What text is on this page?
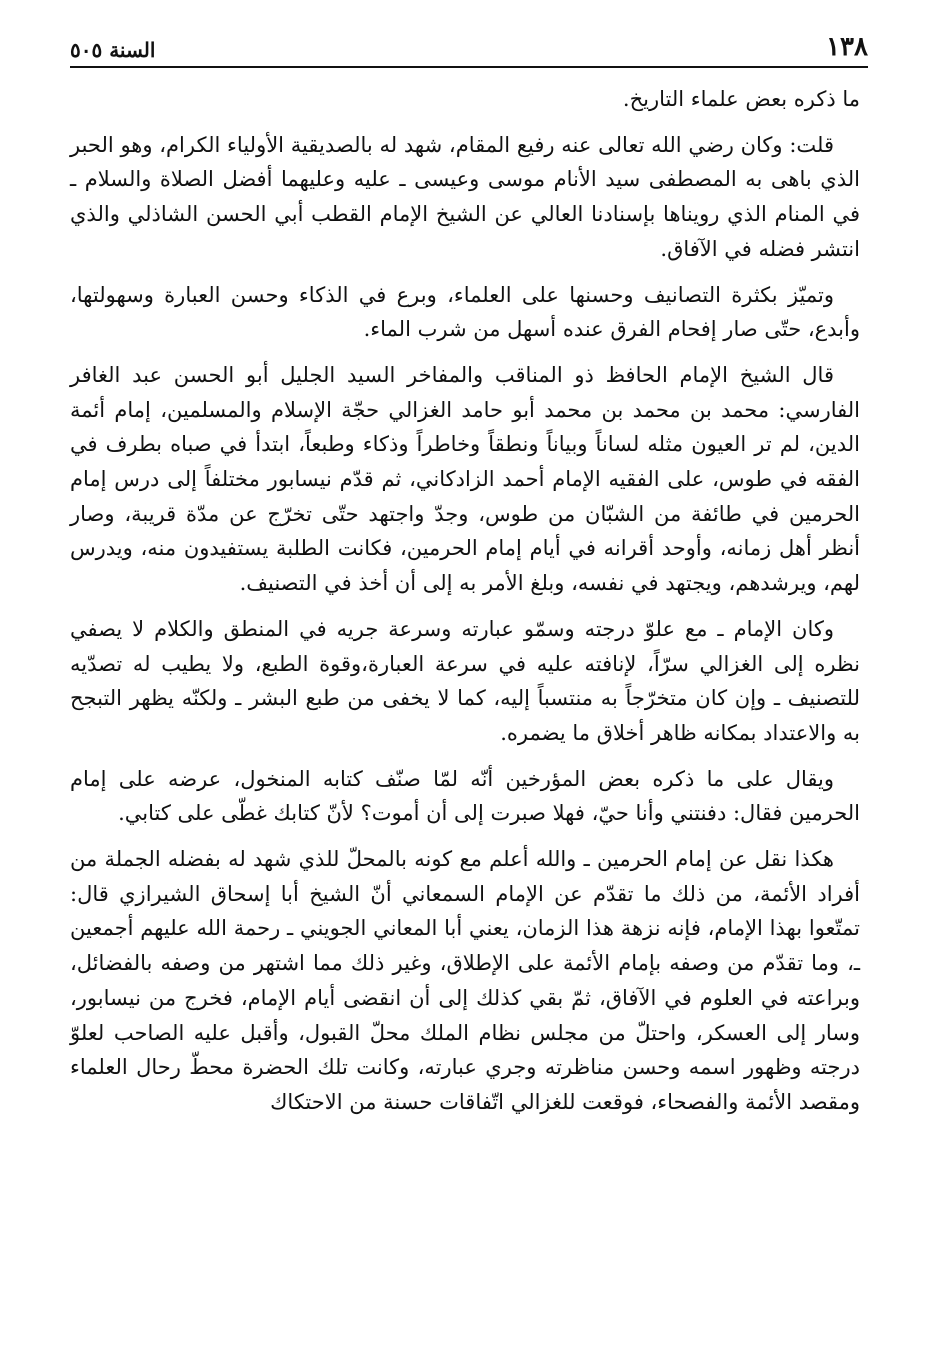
١٣٨
السنة ٥٠٥

ما ذكره بعض علماء التاريخ.

قلت: وكان رضي الله تعالى عنه رفيع المقام، شهد له بالصديقية الأولياء الكرام، وهو الحبر الذي باهى به المصطفى سيد الأنام موسى وعيسى ـ عليه وعليهما أفضل الصلاة والسلام ـ في المنام الذي رويناها بإسنادنا العالي عن الشيخ الإمام القطب أبي الحسن الشاذلي والذي انتشر فضله في الآفاق.

وتميّز بكثرة التصانيف وحسنها على العلماء، وبرع في الذكاء وحسن العبارة وسهولتها، وأبدع، حتّى صار إفحام الفرق عنده أسهل من شرب الماء.

قال الشيخ الإمام الحافظ ذو المناقب والمفاخر السيد الجليل أبو الحسن عبد الغافر الفارسي: محمد بن محمد بن محمد أبو حامد الغزالي حجّة الإسلام والمسلمين، إمام أئمة الدين، لم تر العيون مثله لساناً وبياناً ونطقاً وخاطراً وذكاء وطبعاً، ابتدأ في صباه بطرف في الفقه في طوس، على الفقيه الإمام أحمد الزادكاني، ثم قدّم نيسابور مختلفاً إلى درس إمام الحرمين في طائفة من الشبّان من طوس، وجدّ واجتهد حتّى تخرّج عن مدّة قريبة، وصار أنظر أهل زمانه، وأوحد أقرانه في أيام إمام الحرمين، فكانت الطلبة يستفيدون منه، ويدرس لهم، ويرشدهم، ويجتهد في نفسه، وبلغ الأمر به إلى أن أخذ في التصنيف.

وكان الإمام ـ مع علوّ درجته وسمّو عبارته وسرعة جريه في المنطق والكلام لا يصفي نظره إلى الغزالي سرّاً، لإنافته عليه في سرعة العبارة،وقوة الطبع، ولا يطيب له تصدّيه للتصنيف ـ وإن كان متخرّجاً به منتسباً إليه، كما لا يخفى من طبع البشر ـ ولكنّه يظهر التبجح به والاعتداد بمكانه ظاهر أخلاق ما يضمره.

ويقال على ما ذكره بعض المؤرخين أنّه لمّا صنّف كتابه المنخول، عرضه على إمام الحرمين فقال: دفنتني وأنا حيّ، فهلا صبرت إلى أن أموت؟ لأنّ كتابك غطّى على كتابي.

هكذا نقل عن إمام الحرمين ـ والله أعلم مع كونه بالمحلّ للذي شهد له بفضله الجملة من أفراد الأئمة، من ذلك ما تقدّم عن الإمام السمعاني أنّ الشيخ أبا إسحاق الشيرازي قال: تمتّعوا بهذا الإمام، فإنه نزهة هذا الزمان، يعني أبا المعاني الجويني ـ رحمة الله عليهم أجمعين ـ، وما تقدّم من وصفه بإمام الأئمة على الإطلاق، وغير ذلك مما اشتهر من وصفه بالفضائل، وبراعته في العلوم في الآفاق، ثمّ بقي كذلك إلى أن انقضى أيام الإمام، فخرج من نيسابور، وسار إلى العسكر، واحتلّ من مجلس نظام الملك محلّ القبول، وأقبل عليه الصاحب لعلوّ درجته وظهور اسمه وحسن مناظرته وجري عبارته، وكانت تلك الحضرة محطّ رحال العلماء ومقصد الأئمة والفصحاء، فوقعت للغزالي اتّفاقات حسنة من الاحتكاك
